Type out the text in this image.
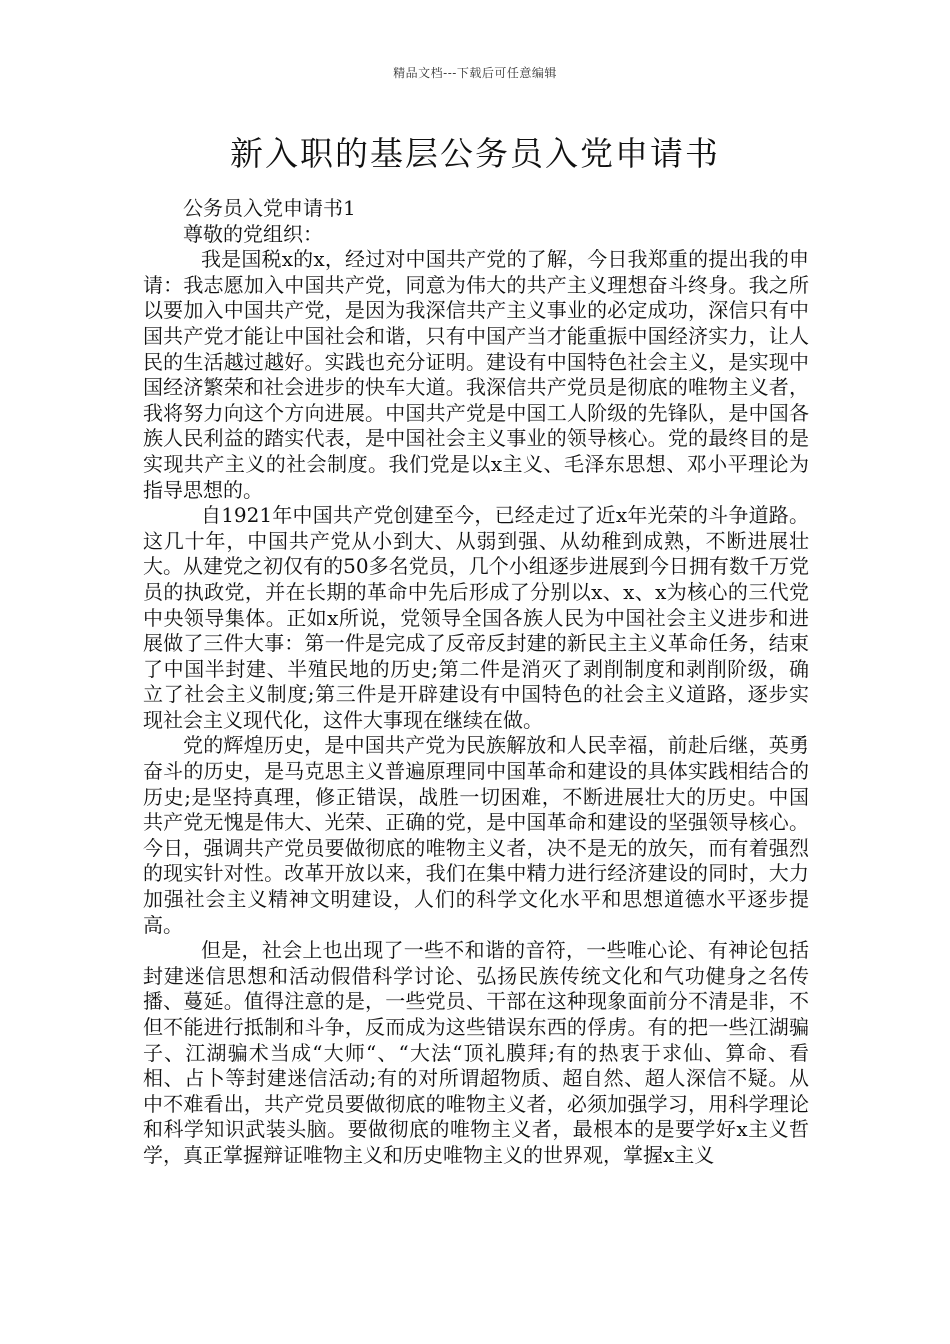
精品文档---下载后可任意编辑
新入职的基层公务员入党申请书

公务员入党申请书1

尊敬的党组织：

我是国税x的x，经过对中国共产党的了解，今日我郑重的提出我的申请：我志愿加入中国共产党，同意为伟大的共产主义理想奋斗终身。我之所以要加入中国共产党，是因为我深信共产主义事业的必定成功，深信只有中国共产党才能让中国社会和谐，只有中国产当才能重振中国经济实力，让人民的生活越过越好。实践也充分证明。建设有中国特色社会主义，是实现中国经济繁荣和社会进步的快车大道。我深信共产党员是彻底的唯物主义者，我将努力向这个方向进展。中国共产党是中国工人阶级的先锋队，是中国各族人民利益的踏实代表，是中国社会主义事业的领导核心。党的最终目的是实现共产主义的社会制度。我们党是以x主义、毛泽东思想、邓小平理论为指导思想的。

自1921年中国共产党创建至今，已经走过了近x年光荣的斗争道路。这几十年，中国共产党从小到大、从弱到强、从幼稚到成熟，不断进展壮大。从建党之初仅有的50多名党员，几个小组逐步进展到今日拥有数千万党员的执政党，并在长期的革命中先后形成了分别以x、x、x为核心的三代党中央领导集体。正如x所说，党领导全国各族人民为中国社会主义进步和进展做了三件大事：第一件是完成了反帝反封建的新民主主义革命任务，结束了中国半封建、半殖民地的历史;第二件是消灭了剥削制度和剥削阶级，确立了社会主义制度;第三件是开辟建设有中国特色的社会主义道路，逐步实现社会主义现代化，这件大事现在继续在做。

党的辉煌历史，是中国共产党为民族解放和人民幸福，前赴后继，英勇奋斗的历史，是马克思主义普遍原理同中国革命和建设的具体实践相结合的历史;是坚持真理，修正错误，战胜一切困难，不断进展壮大的历史。中国共产党无愧是伟大、光荣、正确的党，是中国革命和建设的坚强领导核心。今日，强调共产党员要做彻底的唯物主义者，决不是无的放矢，而有着强烈的现实针对性。改革开放以来，我们在集中精力进行经济建设的同时，大力加强社会主义精神文明建设，人们的科学文化水平和思想道德水平逐步提高。

但是，社会上也出现了一些不和谐的音符，一些唯心论、有神论包括封建迷信思想和活动假借科学讨论、弘扬民族传统文化和气功健身之名传播、蔓延。值得注意的是，一些党员、干部在这种现象面前分不清是非，不但不能进行抵制和斗争，反而成为这些错误东西的俘虏。有的把一些江湖骗子、江湖骗术当成“大师“、“大法“顶礼膜拜;有的热衷于求仙、算命、看相、占卜等封建迷信活动;有的对所谓超物质、超自然、超人深信不疑。从中不难看出，共产党员要做彻底的唯物主义者，必须加强学习，用科学理论和科学知识武装头脑。要做彻底的唯物主义者，最根本的是要学好x主义哲学，真正掌握辩证唯物主义和历史唯物主义的世界观，掌握x主义
